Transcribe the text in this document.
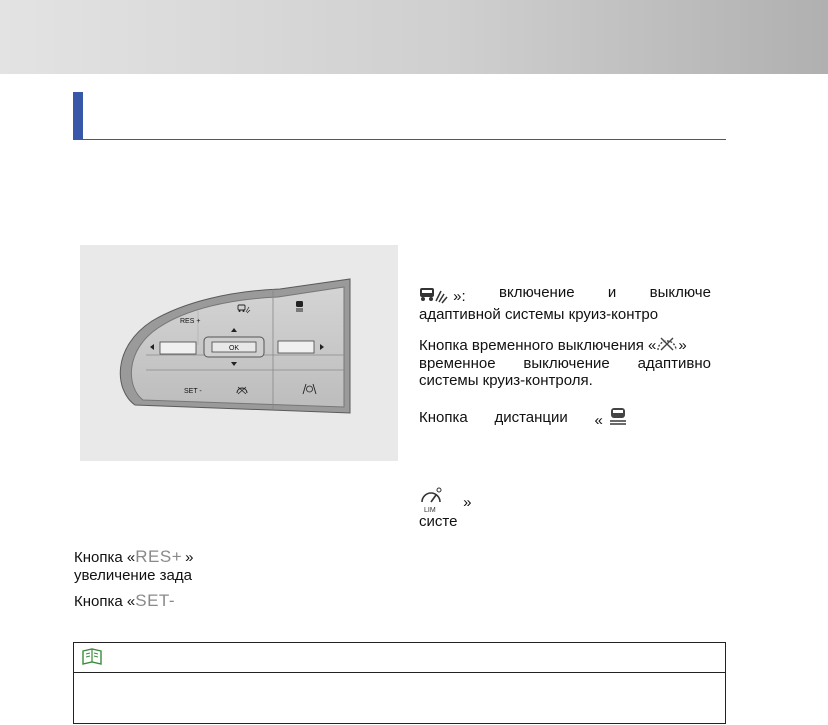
OK
RES +
SET -
»: включение и выключе
адаптивной системы круиз-контро
Кнопка временного выключения « »
временное выключение адаптивно
системы круиз-контроля.
Кнопка дистанции «
LIM »
систе
Кнопка «RES+ »
увеличение зада
Кнопка «SET-
